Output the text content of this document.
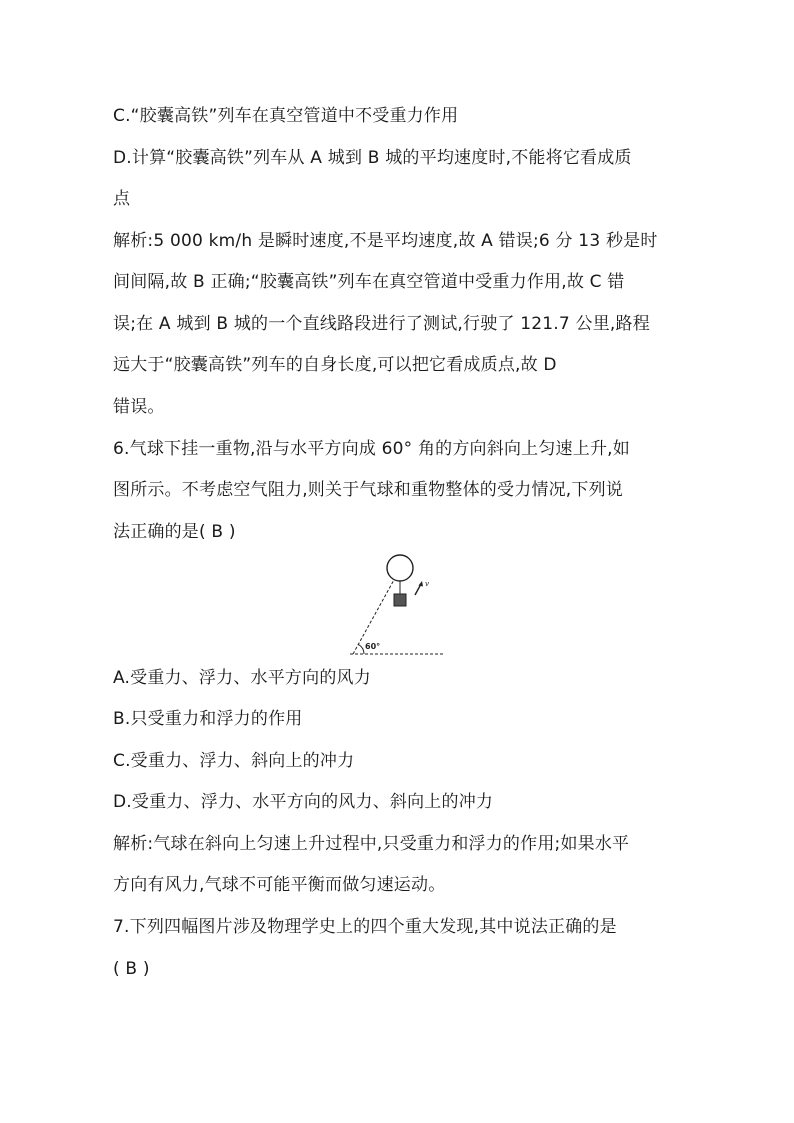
C.“胶囊高铁”列车在真空管道中不受重力作用
D.计算“胶囊高铁”列车从 A 城到 B 城的平均速度时,不能将它看成质
点
解析:5 000 km/h 是瞬时速度,不是平均速度,故 A 错误;6 分 13 秒是时
间间隔,故 B 正确;“胶囊高铁”列车在真空管道中受重力作用,故 C 错
误;在 A 城到 B 城的一个直线路段进行了测试,行驶了 121.7 公里,路程
远大于“胶囊高铁”列车的自身长度,可以把它看成质点,故 D
错误。
6.气球下挂一重物,沿与水平方向成 60° 角的方向斜向上匀速上升,如
图所示。不考虑空气阻力,则关于气球和重物整体的受力情况,下列说
法正确的是( B )
60°
v
A.受重力、浮力、水平方向的风力
B.只受重力和浮力的作用
C.受重力、浮力、斜向上的冲力
D.受重力、浮力、水平方向的风力、斜向上的冲力
解析:气球在斜向上匀速上升过程中,只受重力和浮力的作用;如果水平
方向有风力,气球不可能平衡而做匀速运动。
7.下列四幅图片涉及物理学史上的四个重大发现,其中说法正确的是
( B )
